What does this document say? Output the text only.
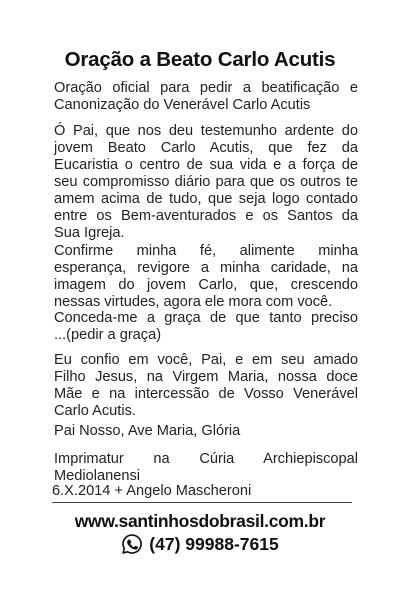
Oração a Beato Carlo Acutis
Oração oficial para pedir a beatificação e
Canonização do Venerável Carlo Acutis
Ó Pai, que nos deu testemunho ardente do
jovem Beato Carlo Acutis, que fez da
Eucaristia o centro de sua vida e a força de
seu compromisso diário para que os outros te
amem acima de tudo, que seja logo contado
entre os Bem-aventurados e os Santos da
Sua Igreja.
Confirme minha fé, alimente minha
esperança, revigore a minha caridade, na
imagem do jovem Carlo, que, crescendo
nessas virtudes, agora ele mora com você.
Conceda-me a graça de que tanto preciso
...(pedir a graça)
Eu confio em você, Pai, e em seu amado
Filho Jesus, na Virgem Maria, nossa doce
Mãe e na intercessão de Vosso Venerável
Carlo Acutis.
Pai Nosso, Ave Maria, Glória
Imprimatur na Cúria Archiepiscopal
Mediolanensi
6.X.2014 + Angelo Mascheroni
www.santinhosdobrasil.com.br
(47) 99988-7615
